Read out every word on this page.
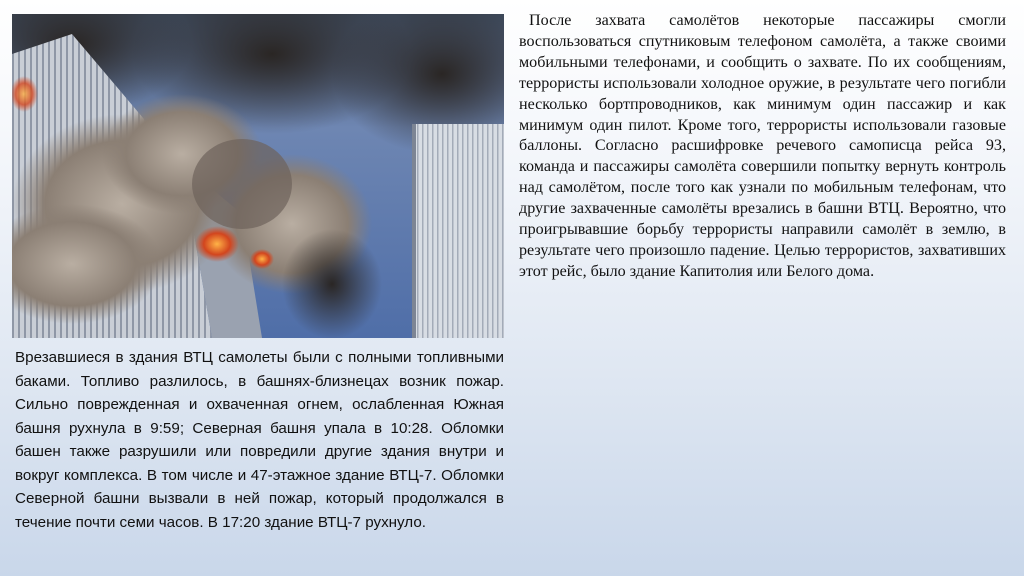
Врезавшиеся в здания ВТЦ самолеты были с полными топливными баками. Топливо разлилось, в башнях-близнецах возник пожар. Сильно поврежденная и охваченная огнем, ослабленная Южная башня рухнула в 9:59; Северная башня упала в 10:28. Обломки башен также разрушили или повредили другие здания внутри и вокруг комплекса. В том числе и 47-этажное здание ВТЦ-7. Обломки Северной башни вызвали в ней пожар, который продолжался в течение почти семи часов. В 17:20 здание ВТЦ-7 рухнуло.

После захвата самолётов некоторые пассажиры смогли воспользоваться спутниковым телефоном самолёта, а также своими мобильными телефонами, и сообщить о захвате. По их сообщениям, террористы использовали холодное оружие, в результате чего погибли несколько бортпроводников, как минимум один пассажир и как минимум один пилот. Кроме того, террористы использовали газовые баллоны. Согласно расшифровке речевого самописца рейса 93, команда и пассажиры самолёта совершили попытку вернуть контроль над самолётом, после того как узнали по мобильным телефонам, что другие захваченные самолёты врезались в башни ВТЦ. Вероятно, что проигрывавшие борьбу террористы направили самолёт в землю, в результате чего произошло падение. Целью террористов, захвативших этот рейс, было здание Капитолия или Белого дома.
